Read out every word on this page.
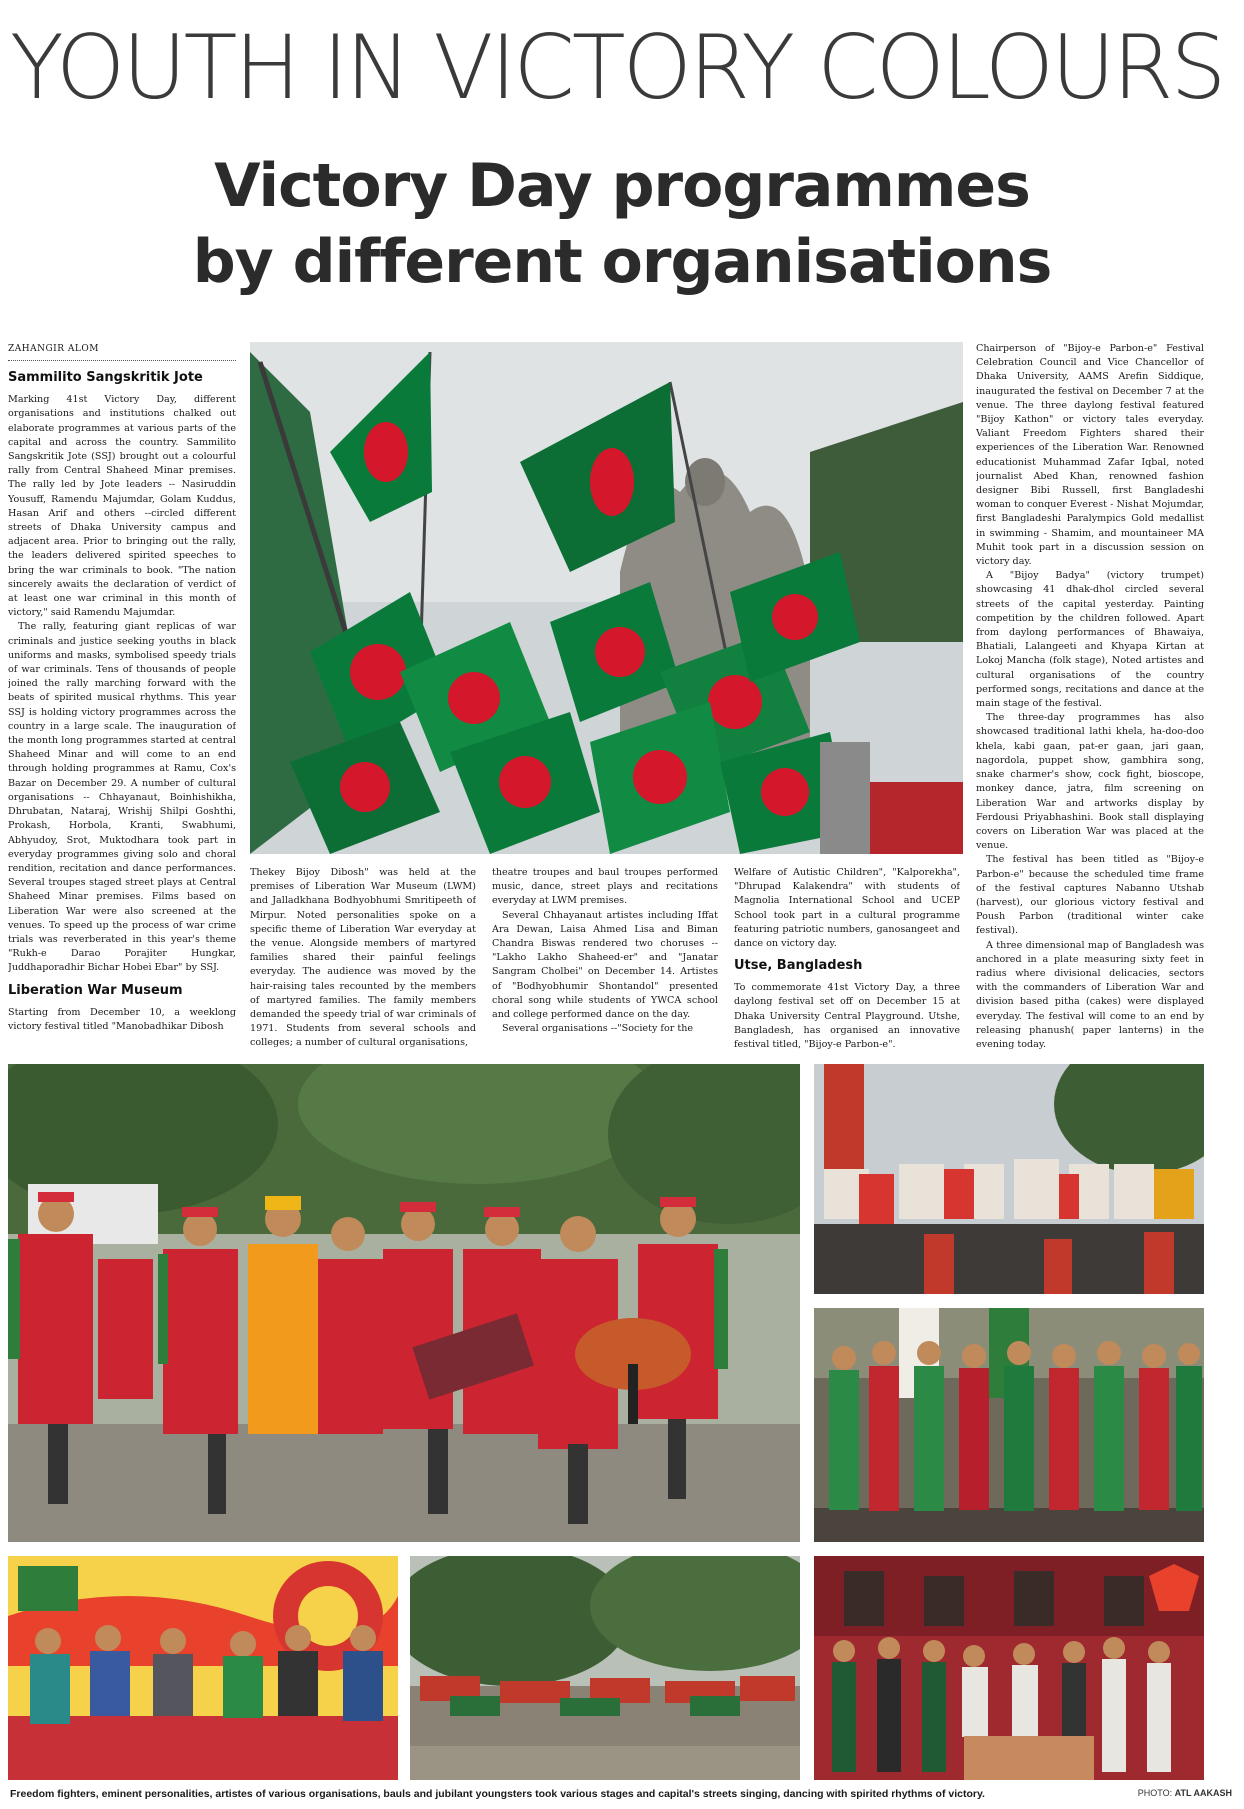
YOUTH IN VICTORY COLOURS
Victory Day programmes
by different organisations
ZAHANGIR ALOM
Sammilito Sangskritik Jote

Marking 41st Victory Day, different organisations and institutions chalked out elaborate programmes at various parts of the capital and across the country. Sammilito Sangskritik Jote (SSJ) brought out a colourful rally from Central Shaheed Minar premises. The rally led by Jote leaders -- Nasiruddin Yousuff, Ramendu Majumdar, Golam Kuddus, Hasan Arif and others --circled different streets of Dhaka University campus and adjacent area. Prior to bringing out the rally, the leaders delivered spirited speeches to bring the war criminals to book. "The nation sincerely awaits the declaration of verdict of at least one war criminal in this month of victory," said Ramendu Majumdar.

The rally, featuring giant replicas of war criminals and justice seeking youths in black uniforms and masks, symbolised speedy trials of war criminals. Tens of thousands of people joined the rally marching forward with the beats of spirited musical rhythms. This year SSJ is holding victory programmes across the country in a large scale. The inauguration of the month long programmes started at central Shaheed Minar and will come to an end through holding programmes at Ramu, Cox's Bazar on December 29. A number of cultural organisations -- Chhayanaut, Boinhishikha, Dhrubatan, Nataraj, Wrishij Shilpi Goshthi, Prokash, Horbola, Kranti, Swabhumi, Abhyudoy, Srot, Muktodhara took part in everyday programmes giving solo and choral rendition, recitation and dance performances. Several troupes staged street plays at Central Shaheed Minar premises. Films based on Liberation War were also screened at the venues. To speed up the process of war crime trials was reverberated in this year's theme "Rukh-e Darao Porajiter Hungkar, Juddhaporadhir Bichar Hobei Ebar" by SSJ.

Liberation War Museum

Starting from December 10, a weeklong victory festival titled "Manobadhikar Dibosh

Thekey Bijoy Dibosh" was held at the premises of Liberation War Museum (LWM) and Jalladkhana Bodhyobhumi Smritipeeth of Mirpur. Noted personalities spoke on a specific theme of Liberation War everyday at the venue. Alongside members of martyred families shared their painful feelings everyday. The audience was moved by the hair-raising tales recounted by the members of martyred families. The family members demanded the speedy trial of war criminals of 1971. Students from several schools and colleges; a number of cultural organisations,

theatre troupes and baul troupes performed music, dance, street plays and recitations everyday at LWM premises.

Several Chhayanaut artistes including Iffat Ara Dewan, Laisa Ahmed Lisa and Biman Chandra Biswas rendered two choruses --"Lakho Lakho Shaheed-er" and "Janatar Sangram Cholbei" on December 14. Artistes of "Bodhyobhumir Shontandol" presented choral song while students of YWCA school and college performed dance on the day.

Several organisations --"Society for the

Welfare of Autistic Children", "Kalporekha", "Dhrupad Kalakendra" with students of Magnolia International School and UCEP School took part in a cultural programme featuring patriotic numbers, ganosangeet and dance on victory day.

Utse, Bangladesh

To commemorate 41st Victory Day, a three daylong festival set off on December 15 at Dhaka University Central Playground. Utshe, Bangladesh, has organised an innovative festival titled, "Bijoy-e Parbon-e".

Chairperson of "Bijoy-e Parbon-e" Festival Celebration Council and Vice Chancellor of Dhaka University, AAMS Arefin Siddique, inaugurated the festival on December 7 at the venue. The three daylong festival featured "Bijoy Kathon" or victory tales everyday. Valiant Freedom Fighters shared their experiences of the Liberation War. Renowned educationist Muhammad Zafar Iqbal, noted journalist Abed Khan, renowned fashion designer Bibi Russell, first Bangladeshi woman to conquer Everest - Nishat Mojumdar, first Bangladeshi Paralympics Gold medallist in swimming - Shamim, and mountaineer MA Muhit took part in a discussion session on victory day.

A "Bijoy Badya" (victory trumpet) showcasing 41 dhak-dhol circled several streets of the capital yesterday. Painting competition by the children followed. Apart from daylong performances of Bhawaiya, Bhatiali, Lalangeeti and Khyapa Kirtan at Lokoj Mancha (folk stage), Noted artistes and cultural organisations of the country performed songs, recitations and dance at the main stage of the festival.

The three-day programmes has also showcased traditional lathi khela, ha-doo-doo khela, kabi gaan, pat-er gaan, jari gaan, nagordola, puppet show, gambhira song, snake charmer's show, cock fight, bioscope, monkey dance, jatra, film screening on Liberation War and artworks display by Ferdousi Priyabhashini. Book stall displaying covers on Liberation War was placed at the venue.

The festival has been titled as "Bijoy-e Parbon-e" because the scheduled time frame of the festival captures Nabanno Utshab (harvest), our glorious victory festival and Poush Parbon (traditional winter cake festival).

A three dimensional map of Bangladesh was anchored in a plate measuring sixty feet in radius where divisional delicacies, sectors with the commanders of Liberation War and division based pitha (cakes) were displayed everyday. The festival will come to an end by releasing phanush( paper lanterns) in the evening today.

Freedom fighters, eminent personalities, artistes of various organisations, bauls and jubilant youngsters took various stages and capital's streets singing, dancing with spirited rhythms of victory.	PHOTO: ATL AAKASH
